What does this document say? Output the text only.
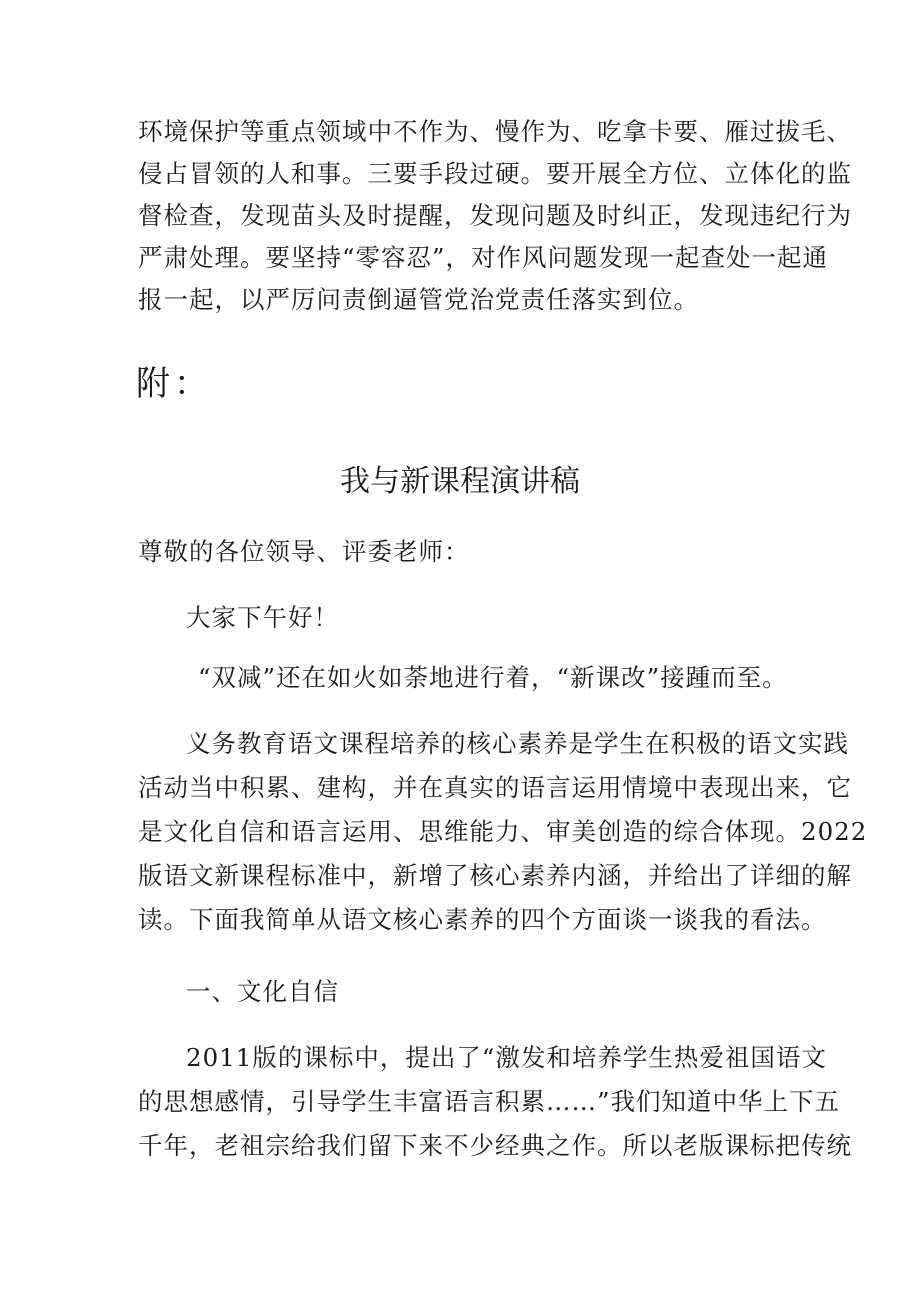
环境保护等重点领域中不作为、慢作为、吃拿卡要、雁过拔毛、
侵占冒领的人和事。三要手段过硬。要开展全方位、立体化的监
督检查，发现苗头及时提醒，发现问题及时纠正，发现违纪行为
严肃处理。要坚持“零容忍”，对作风问题发现一起查处一起通
报一起，以严厉问责倒逼管党治党责任落实到位。
附：
我与新课程演讲稿
尊敬的各位领导、评委老师：
大家下午好！
“双减”还在如火如荼地进行着，“新课改”接踵而至。
义务教育语文课程培养的核心素养是学生在积极的语文实践
活动当中积累、建构，并在真实的语言运用情境中表现出来，它
是文化自信和语言运用、思维能力、审美创造的综合体现。2022
版语文新课程标准中，新增了核心素养内涵，并给出了详细的解
读。下面我简单从语文核心素养的四个方面谈一谈我的看法。
一、文化自信
2011版的课标中，提出了“激发和培养学生热爱祖国语文
的思想感情，引导学生丰富语言积累……”我们知道中华上下五
千年，老祖宗给我们留下来不少经典之作。所以老版课标把传统
